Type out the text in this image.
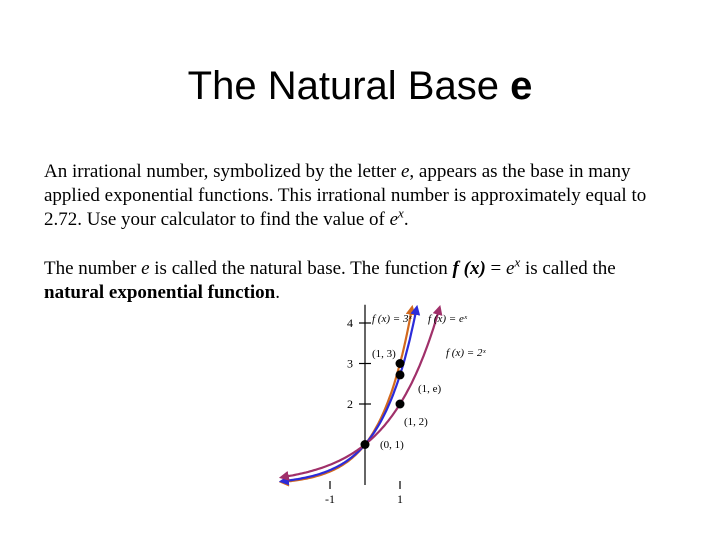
The Natural Base e
An irrational number, symbolized by the letter e, appears as the base in many applied exponential functions. This irrational number is approximately equal to 2.72. Use your calculator to find the value of $e^x$.
The number e is called the natural base. The function f $(x) = e^x$ is called the natural exponential function.
-1	1
2
3
4 f (x) = 3ˣ f (x) = eˣ
f (x) = 2ˣ
(0, 1)
(1, 2)
(1, e)
(1, 3)
